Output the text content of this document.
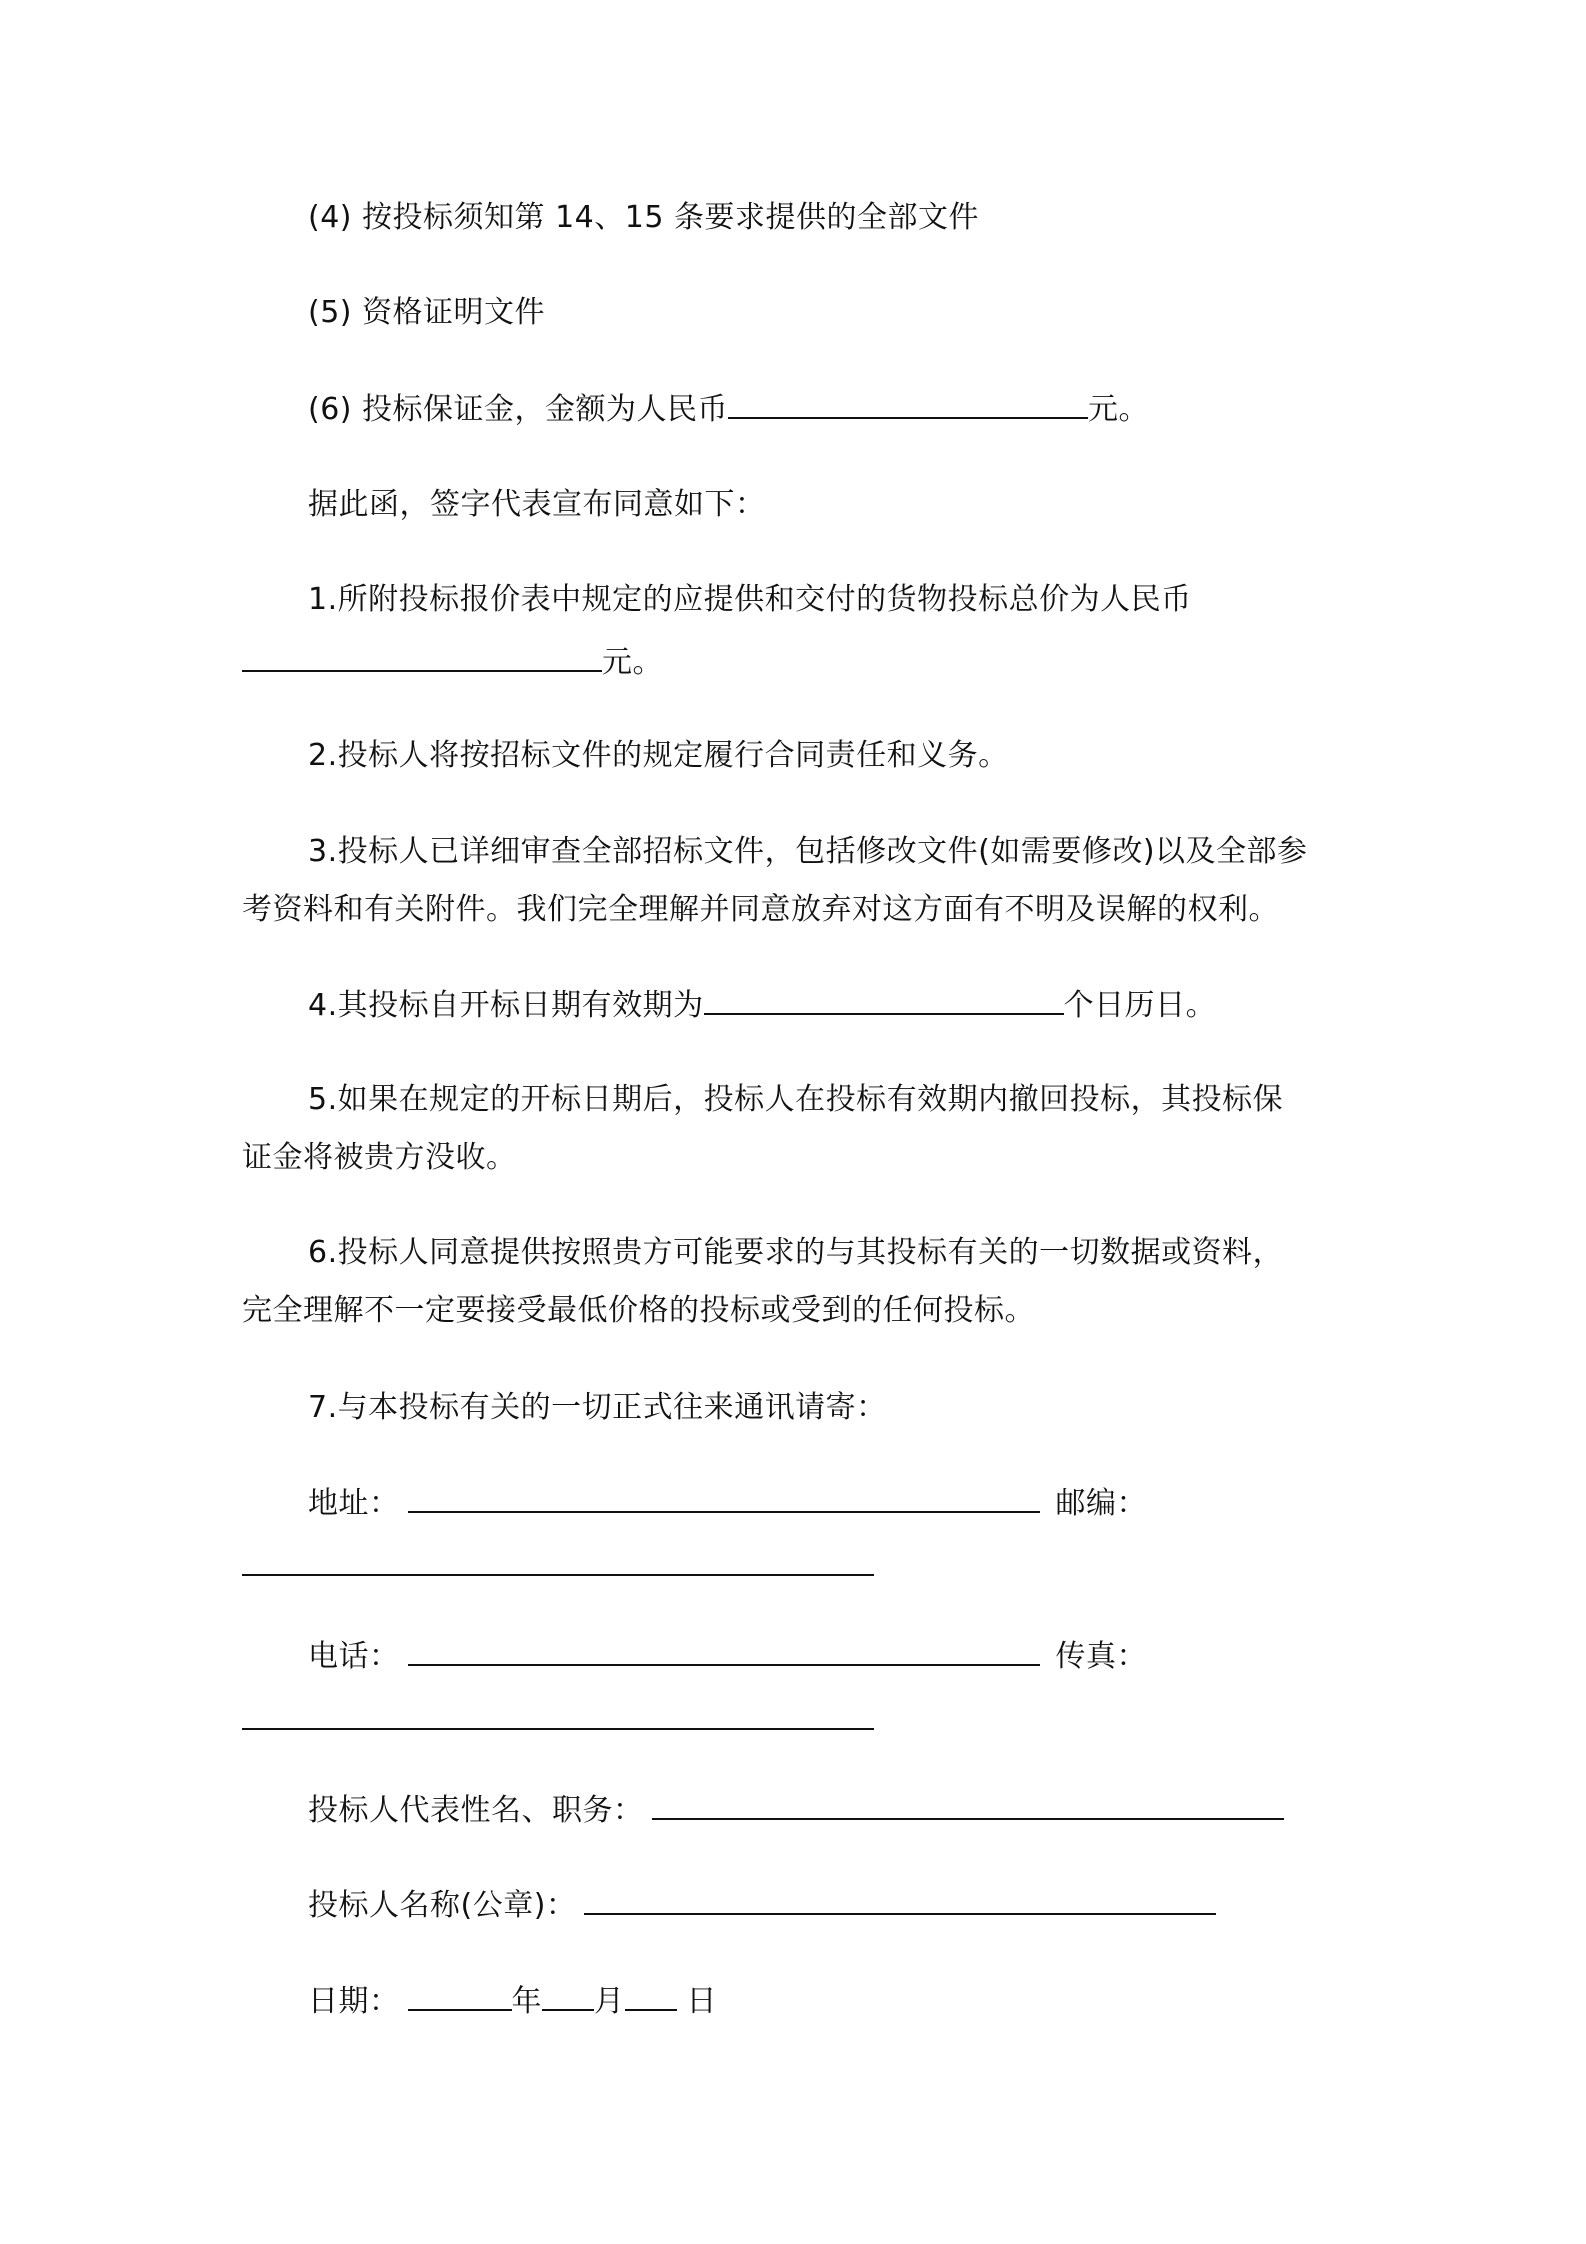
(4) 按投标须知第 14、15 条要求提供的全部文件
(5) 资格证明文件
(6) 投标保证金，金额为人民币	元。
据此函，签字代表宣布同意如下：
1.所附投标报价表中规定的应提供和交付的货物投标总价为人民币
元。
2.投标人将按招标文件的规定履行合同责任和义务。
3.投标人已详细审查全部招标文件，包括修改文件(如需要修改)以及全部参
考资料和有关附件。我们完全理解并同意放弃对这方面有不明及误解的权利。
4.其投标自开标日期有效期为	个日历日。
5.如果在规定的开标日期后，投标人在投标有效期内撤回投标，其投标保
证金将被贵方没收。
6.投标人同意提供按照贵方可能要求的与其投标有关的一切数据或资料，
完全理解不一定要接受最低价格的投标或受到的任何投标。
7.与本投标有关的一切正式往来通讯请寄：
地址：	邮编：
电话：	传真：
投标人代表性名、职务：
投标人名称(公章)：
日期：	年 月 日
